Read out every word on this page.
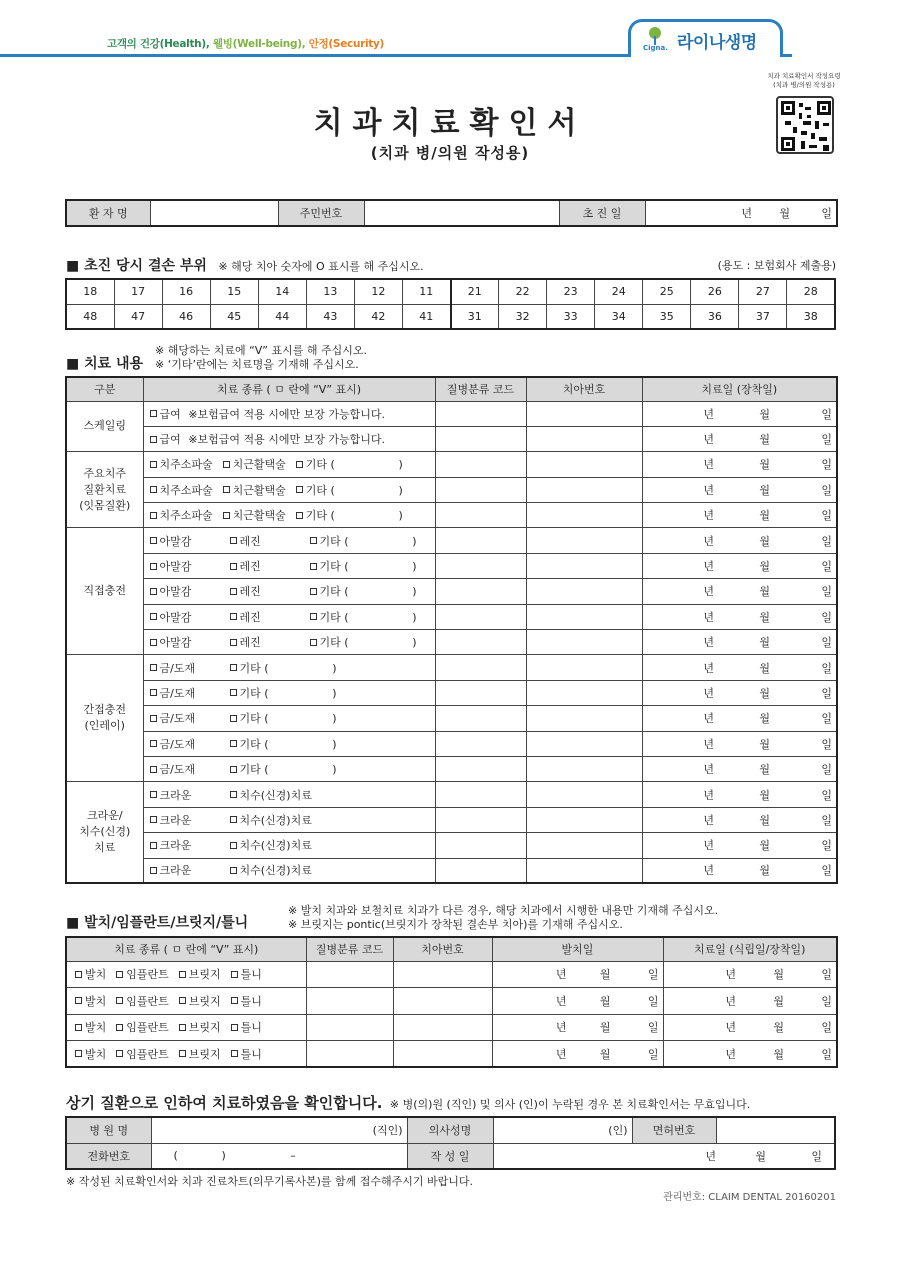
고객의 건강(Health), 웰빙(Well-being), 안정(Security)	Cigna. 라이나생명
치과 치료확인서 작성요령
(치과 병/의원 작성용)
치과치료확인서
(치과 병/의원 작성용)
환 자 명		주민번호		초 진 일	년 월	일
■ 초진 당시 결손 부위 ※ 해당 치아 숫자에 O 표시를 해 주십시오.	(용도 : 보험회사 제출용)
18	17	16	15	14	13	12	11	21	22	23	24	25	26	27	28
48	47	46	45	44	43	42	41	31	32	33	34	35	36	37	38
※ 해당하는 치료에 “V” 표시를 해 주십시오.
■ 치료 내용 ※ ‘기타’란에는 치료명을 기재해 주십시오.
구분	치료 종류 ( ㅁ 란에 “V” 표시)	질병분류 코드	치아번호	치료일 (장착일)
스케일링	급여 ※보험급여 적용 시에만 보장 가능합니다.			년 월 일
	급여 ※보험급여 적용 시에만 보장 가능합니다.			년 월 일
주요치주
질환치료
(잇몸질환)	치주소파술 치근활택술 기타 ( )			년 월 일
	치주소파술 치근활택술 기타 ( )			년 월 일
	치주소파술 치근활택술 기타 ( )			년 월 일
직접충전	아말감 레진 기타 ( )			년 월 일
	아말감 레진 기타 ( )			년 월 일
	아말감 레진 기타 ( )			년 월 일
	아말감 레진 기타 ( )			년 월 일
	아말감 레진 기타 ( )			년 월 일
간접충전
(인레이)	금/도재 기타 ( )			년 월 일
	금/도재 기타 ( )			년 월 일
	금/도재 기타 ( )			년 월 일
	금/도재 기타 ( )			년 월 일
	금/도재 기타 ( )			년 월 일
크라운/
치수(신경)
치료	크라운 치수(신경)치료			년 월 일
	크라운 치수(신경)치료			년 월 일
	크라운 치수(신경)치료			년 월 일
	크라운 치수(신경)치료			년 월 일
※ 발치 치과와 보철치료 치과가 다른 경우, 해당 치과에서 시행한 내용만 기재해 주십시오.
■ 발치/임플란트/브릿지/틀니	※ 브릿지는 pontic(브릿지가 장착된 결손부 치아)를 기재해 주십시오.
치료 종류 ( ㅁ 란에 “V” 표시)	질병분류 코드	치아번호	발치일	치료일 (식립일/장착일)
발치 임플란트 브릿지 틀니			년 월 일	년 월 일
발치 임플란트 브릿지 틀니			년 월 일	년 월 일
발치 임플란트 브릿지 틀니			년 월 일	년 월 일
발치 임플란트 브릿지 틀니			년 월 일	년 월 일
상기 질환으로 인하여 치료하였음을 확인합니다. ※ 병(의)원 (직인) 및 의사 (인)이 누락된 경우 본 치료확인서는 무효입니다.
병 원 명	(직인)	의사성명	(인)	면허번호	
전화번호	( ) –	작 성 일	년 월 일		
※ 작성된 치료확인서와 치과 진료차트(의무기록사본)를 함께 접수해주시기 바랍니다.
관리번호: CLAIM DENTAL 20160201
